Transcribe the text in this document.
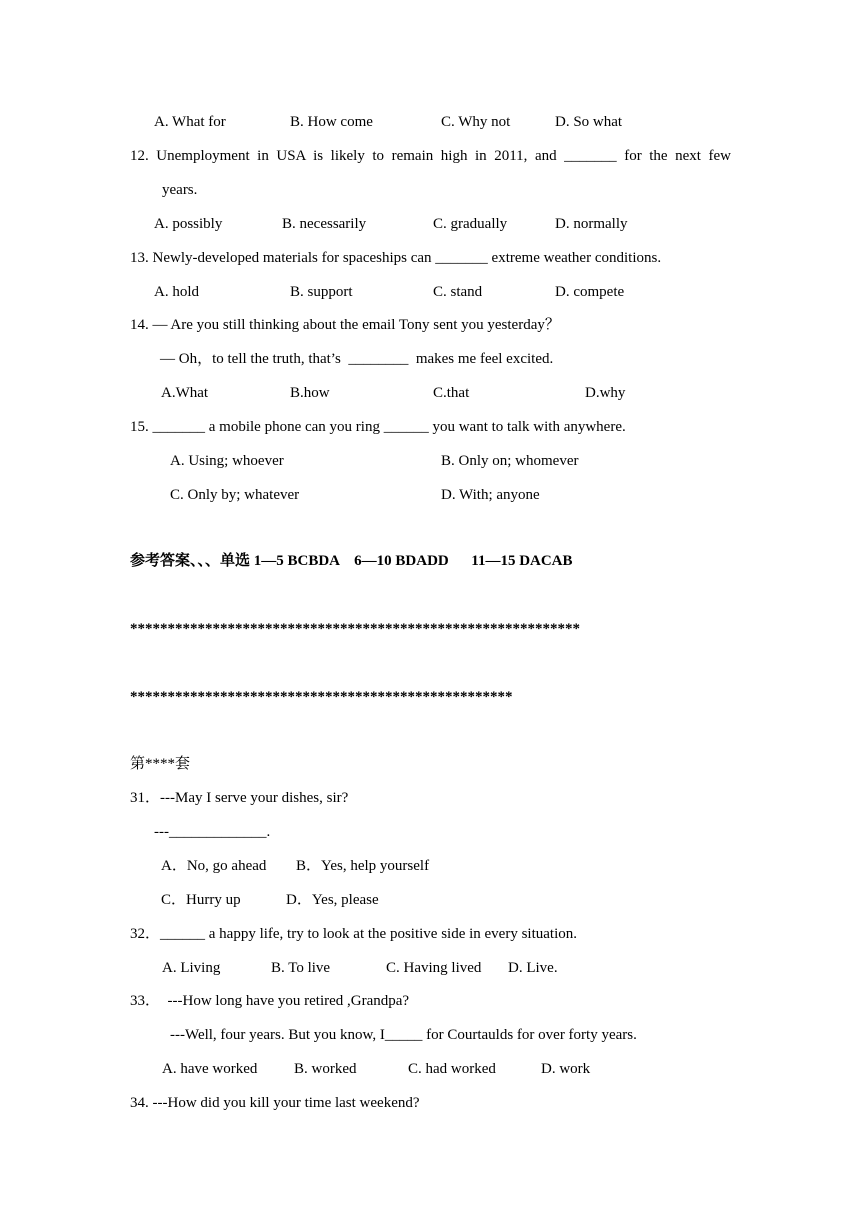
A. What for	B. How come	C. Why not	D. So what
12. Unemployment in USA is likely to remain high in 2011, and _______ for the next few
years.
A. possibly	B. necessarily	C. gradually	D. normally
13. Newly-developed materials for spaceships can _______ extreme weather conditions.
A. hold	B. support	C. stand	D. compete
14. — Are you still thinking about the email Tony sent you yesterday？
— Oh，to tell the truth, that’s  ________  makes me feel excited.
A.What	B.how	C.that	D.why
15. _______ a mobile phone can you ring ______ you want to talk with anywhere.
A. Using; whoever	B. Only on; whomever
C. Only by; whatever	D. With; anyone
参考答案、、、单选 1—5 BCBDA    6—10 BDADD      11—15 DACAB
************************************************************
***************************************************
第****套
31．---May I serve your dishes, sir?
---_____________.
A．No, go ahead B．Yes, help yourself
C．Hurry up	D．Yes, please
32．______ a happy life, try to look at the positive side in every situation.
A. Living	B. To live	C. Having lived D. Live.
33．  ---How long have you retired ,Grandpa?
---Well, four years. But you know, I_____ for Courtaulds for over forty years.
A. have worked B. worked	C. had worked	D. work
34. ---How did you kill your time last weekend?
